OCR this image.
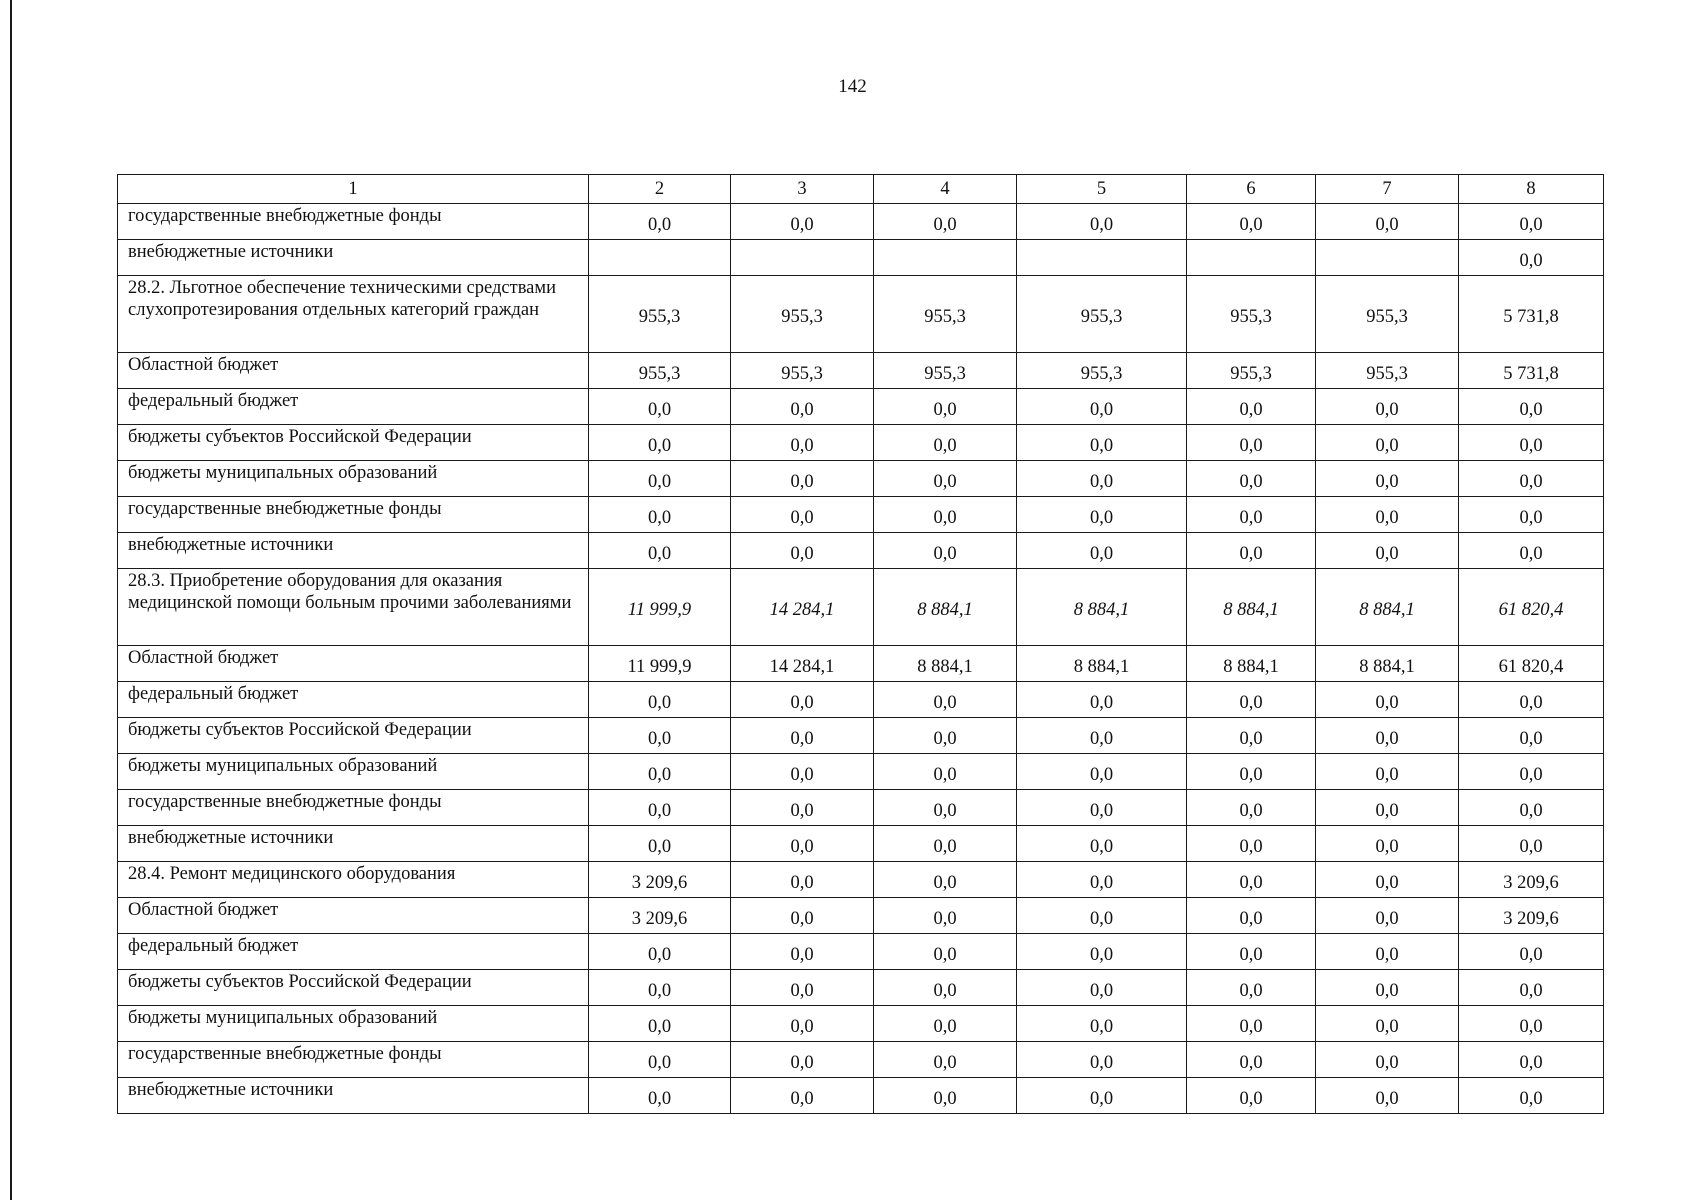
142
1	2	3	4	5	6	7	8
государственные внебюджетные фонды	0,0	0,0	0,0	0,0	0,0	0,0	0,0
внебюджетные источники							0,0
28.2. Льготное обеспечение техническими средствами слухопротезирования отдельных категорий граждан	955,3	955,3	955,3	955,3	955,3	955,3	5 731,8
Областной бюджет	955,3	955,3	955,3	955,3	955,3	955,3	5 731,8
федеральный бюджет	0,0	0,0	0,0	0,0	0,0	0,0	0,0
бюджеты субъектов Российской Федерации	0,0	0,0	0,0	0,0	0,0	0,0	0,0
бюджеты муниципальных образований	0,0	0,0	0,0	0,0	0,0	0,0	0,0
государственные внебюджетные фонды	0,0	0,0	0,0	0,0	0,0	0,0	0,0
внебюджетные источники	0,0	0,0	0,0	0,0	0,0	0,0	0,0
28.3. Приобретение оборудования для оказания медицинской помощи больным прочими заболеваниями	11 999,9	14 284,1	8 884,1	8 884,1	8 884,1	8 884,1	61 820,4
Областной бюджет	11 999,9	14 284,1	8 884,1	8 884,1	8 884,1	8 884,1	61 820,4
федеральный бюджет	0,0	0,0	0,0	0,0	0,0	0,0	0,0
бюджеты субъектов Российской Федерации	0,0	0,0	0,0	0,0	0,0	0,0	0,0
бюджеты муниципальных образований	0,0	0,0	0,0	0,0	0,0	0,0	0,0
государственные внебюджетные фонды	0,0	0,0	0,0	0,0	0,0	0,0	0,0
внебюджетные источники	0,0	0,0	0,0	0,0	0,0	0,0	0,0
28.4. Ремонт медицинского оборудования	3 209,6	0,0	0,0	0,0	0,0	0,0	3 209,6
Областной бюджет	3 209,6	0,0	0,0	0,0	0,0	0,0	3 209,6
федеральный бюджет	0,0	0,0	0,0	0,0	0,0	0,0	0,0
бюджеты субъектов Российской Федерации	0,0	0,0	0,0	0,0	0,0	0,0	0,0
бюджеты муниципальных образований	0,0	0,0	0,0	0,0	0,0	0,0	0,0
государственные внебюджетные фонды	0,0	0,0	0,0	0,0	0,0	0,0	0,0
внебюджетные источники	0,0	0,0	0,0	0,0	0,0	0,0	0,0
